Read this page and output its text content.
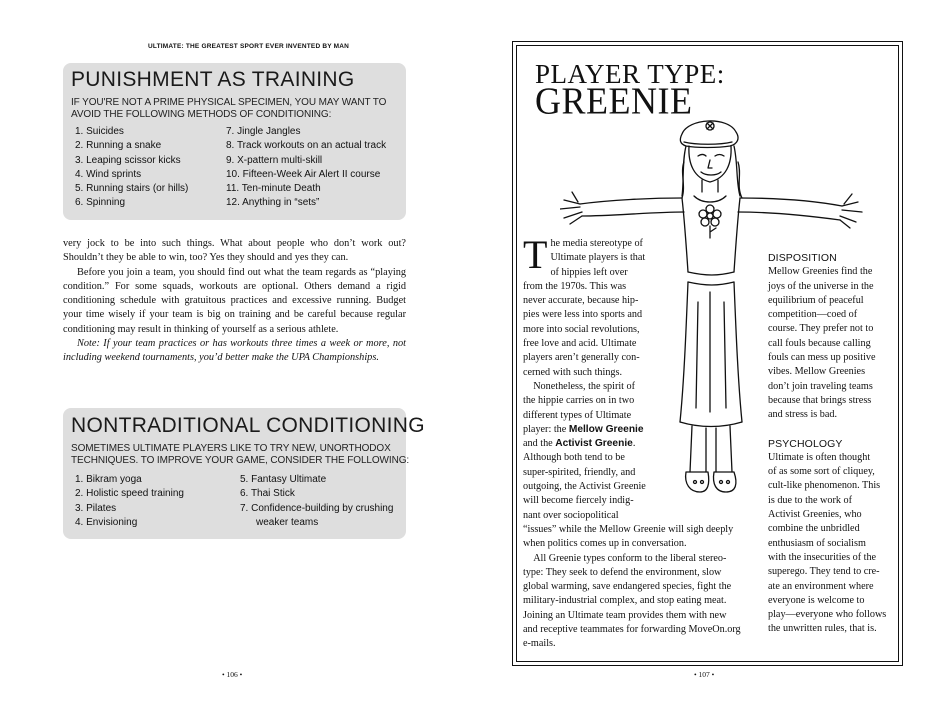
ULTIMATE: THE GREATEST SPORT EVER INVENTED BY MAN
PUNISHMENT AS TRAINING
IF YOU'RE NOT A PRIME PHYSICAL SPECIMEN, YOU MAY WANT TO
AVOID THE FOLLOWING METHODS OF CONDITIONING:
1. Suicides
2. Running a snake
3. Leaping scissor kicks
4. Wind sprints
5. Running stairs (or hills)
6. Spinning
7. Jingle Jangles
8. Track workouts on an actual track
9. X-pattern multi-skill
10. Fifteen-Week Air Alert II course
11. Ten-minute Death
12. Anything in “sets”

very jock to be into such things. What about people who don’t work out? Shouldn’t they be able to win, too? Yes they should and yes they can.

Before you join a team, you should find out what the team regards as “playing condition.” For some squads, workouts are optional. Others demand a rigid conditioning schedule with gratuitous practices and excessive running. Budget your time wisely if your team is big on training and be careful because regular conditioning may result in thinking of yourself as a serious athlete.

Note: If your team practices or has workouts three times a week or more, not including weekend tournaments, you’d better make the UPA Championships.

NONTRADITIONAL CONDITIONING
SOMETIMES ULTIMATE PLAYERS LIKE TO TRY NEW, UNORTHODOX
TECHNIQUES. TO IMPROVE YOUR GAME, CONSIDER THE FOLLOWING:
1. Bikram yoga
2. Holistic speed training
3. Pilates
4. Envisioning
5. Fantasy Ultimate
6. Thai Stick
7. Confidence-building by crushing
weaker teams
• 106 •
PLAYER TYPE:
GREENIE
T he media stereotype of
Ultimate players is that
of hippies left over
from the 1970s. This was
never accurate, because hip-
pies were less into sports and
more into social revolutions,
free love and acid. Ultimate
players aren’t generally con-
cerned with such things.
 Nonetheless, the spirit of
the hippie carries on in two
different types of Ultimate
player: the Mellow Greenie
and the Activist Greenie.
Although both tend to be
super-spirited, friendly, and
outgoing, the Activist Greenie
will become fiercely indig-
nant over sociopolitical
“issues” while the Mellow Greenie will sigh deeply
when politics comes up in conversation.
 All Greenie types conform to the liberal stereo-
type: They seek to defend the environment, slow
global warming, save endangered species, fight the
military-industrial complex, and stop eating meat.
Joining an Ultimate team provides them with new
and receptive teammates for forwarding MoveOn.org
e-mails.
DISPOSITION
Mellow Greenies find the
joys of the universe in the
equilibrium of peaceful
competition—coed of
course. They prefer not to
call fouls because calling
fouls can mess up positive
vibes. Mellow Greenies
don’t join traveling teams
because that brings stress
and stress is bad.
PSYCHOLOGY
Ultimate is often thought
of as some sort of cliquey,
cult-like phenomenon. This
is due to the work of
Activist Greenies, who
combine the unbridled
enthusiasm of socialism
with the insecurities of the
superego. They tend to cre-
ate an environment where
everyone is welcome to
play—everyone who follows
the unwritten rules, that is.
• 107 •
